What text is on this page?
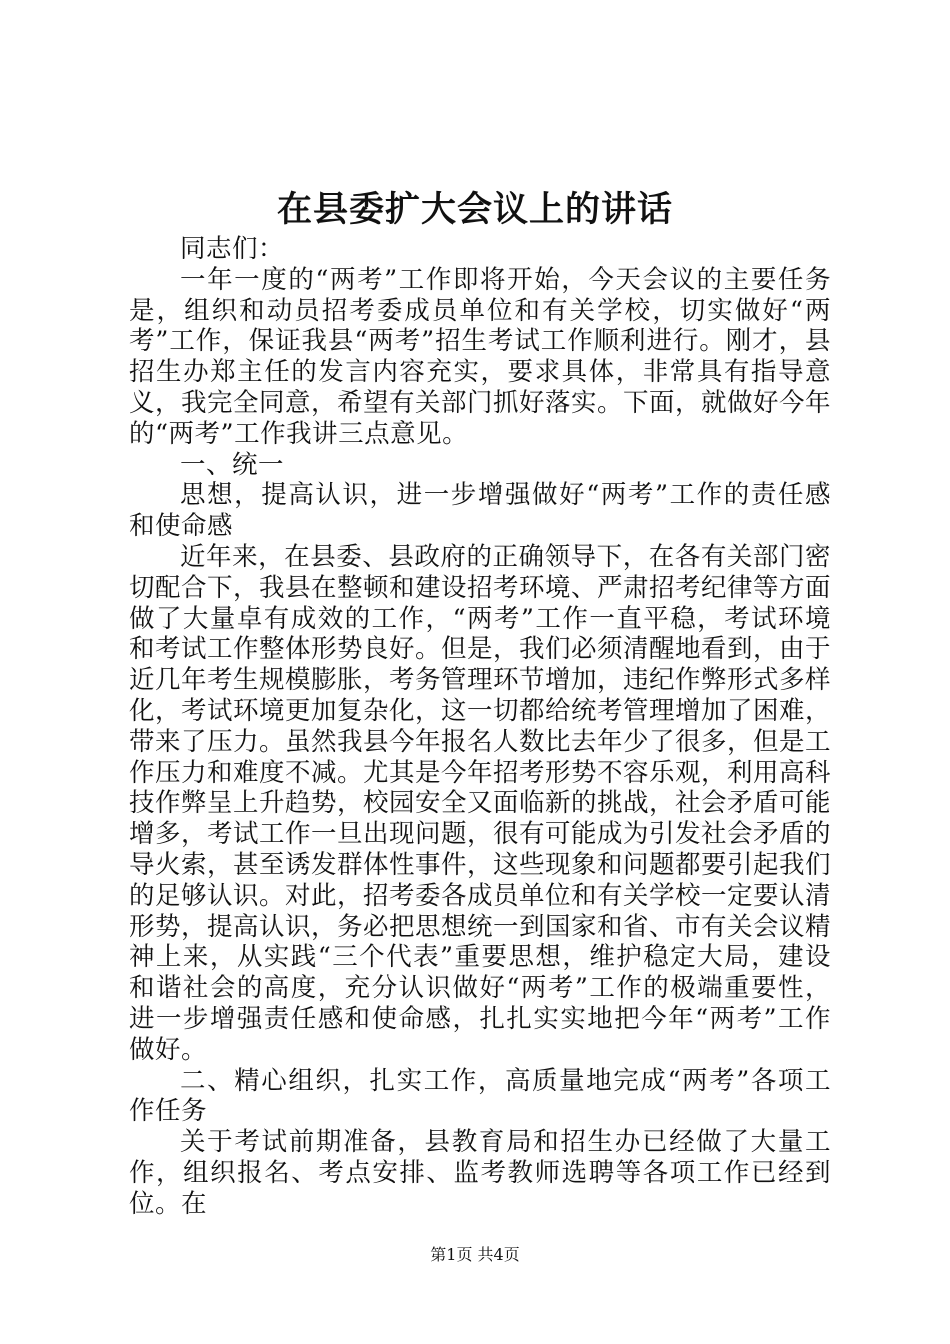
在县委扩大会议上的讲话

同志们：

一年一度的“两考”工作即将开始，今天会议的主要任务是，组织和动员招考委成员单位和有关学校，切实做好“两考”工作，保证我县“两考”招生考试工作顺利进行。刚才，县招生办郑主任的发言内容充实，要求具体，非常具有指导意义，我完全同意，希望有关部门抓好落实。下面，就做好今年的“两考”工作我讲三点意见。

一、统一

思想，提高认识，进一步增强做好“两考”工作的责任感和使命感

近年来，在县委、县政府的正确领导下，在各有关部门密切配合下，我县在整顿和建设招考环境、严肃招考纪律等方面做了大量卓有成效的工作，“两考”工作一直平稳，考试环境和考试工作整体形势良好。但是，我们必须清醒地看到，由于近几年考生规模膨胀，考务管理环节增加，违纪作弊形式多样化，考试环境更加复杂化，这一切都给统考管理增加了困难，带来了压力。虽然我县今年报名人数比去年少了很多，但是工作压力和难度不减。尤其是今年招考形势不容乐观，利用高科技作弊呈上升趋势，校园安全又面临新的挑战，社会矛盾可能增多，考试工作一旦出现问题，很有可能成为引发社会矛盾的导火索，甚至诱发群体性事件，这些现象和问题都要引起我们的足够认识。对此，招考委各成员单位和有关学校一定要认清形势，提高认识，务必把思想统一到国家和省、市有关会议精神上来，从实践“三个代表”重要思想，维护稳定大局，建设和谐社会的高度，充分认识做好“两考”工作的极端重要性，进一步增强责任感和使命感，扎扎实实地把今年“两考”工作做好。

二、精心组织，扎实工作，高质量地完成“两考”各项工作任务

关于考试前期准备，县教育局和招生办已经做了大量工作，组织报名、考点安排、监考教师选聘等各项工作已经到位。在

第1页 共4页
